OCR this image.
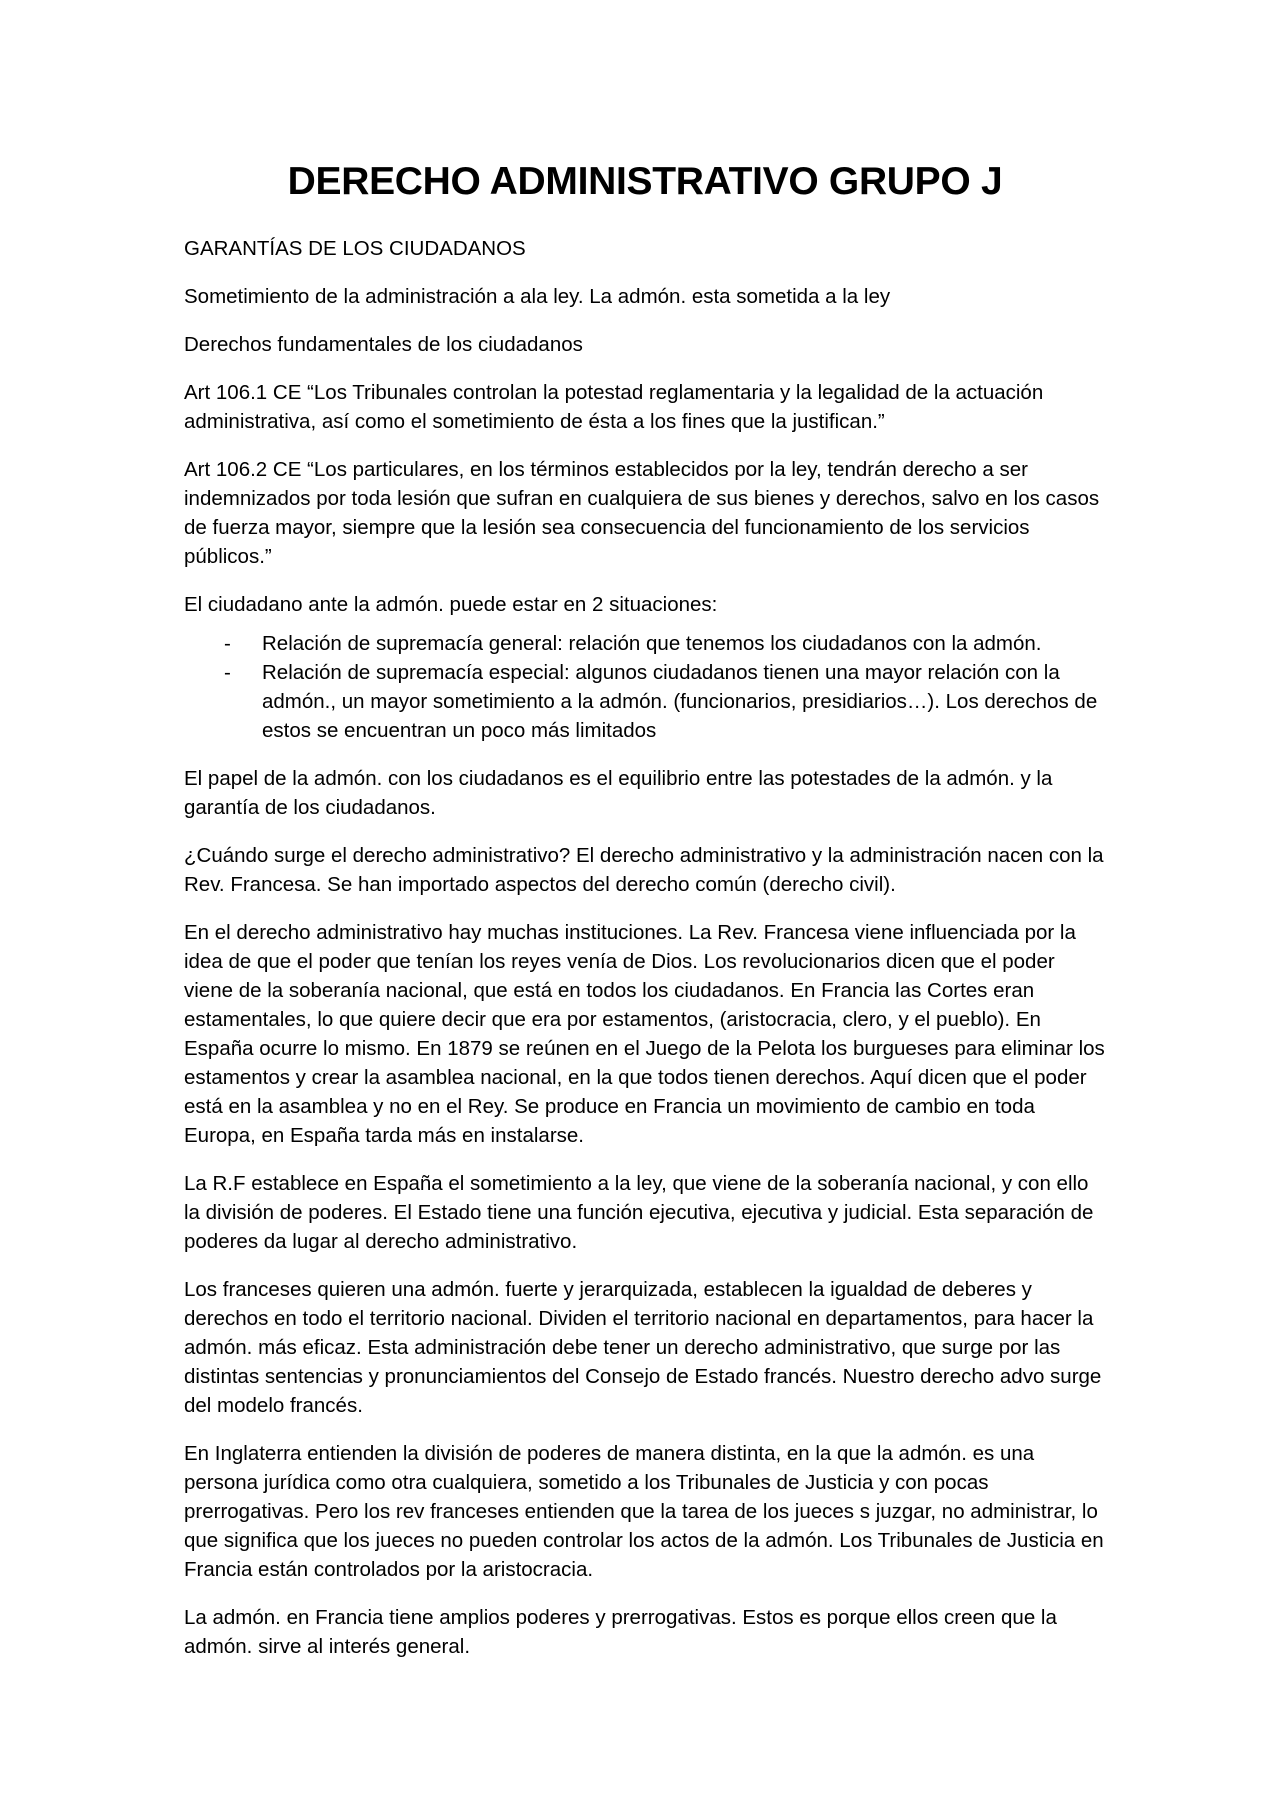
DERECHO ADMINISTRATIVO GRUPO J

GARANTÍAS DE LOS CIUDADANOS

Sometimiento de la administración a ala ley. La admón. esta sometida a la ley

Derechos fundamentales de los ciudadanos

Art 106.1 CE “Los Tribunales controlan la potestad reglamentaria y la legalidad de la actuación administrativa, así como el sometimiento de ésta a los fines que la justifican.”

Art 106.2 CE “Los particulares, en los términos establecidos por la ley, tendrán derecho a ser indemnizados por toda lesión que sufran en cualquiera de sus bienes y derechos, salvo en los casos de fuerza mayor, siempre que la lesión sea consecuencia del funcionamiento de los servicios públicos.”

El ciudadano ante la admón. puede estar en 2 situaciones:

- Relación de supremacía general: relación que tenemos los ciudadanos con la admón.
- Relación de supremacía especial: algunos ciudadanos tienen una mayor relación con la admón., un mayor sometimiento a la admón. (funcionarios, presidiarios…). Los derechos de estos se encuentran un poco más limitados

El papel de la admón. con los ciudadanos es el equilibrio entre las potestades de la admón. y la garantía de los ciudadanos.

¿Cuándo surge el derecho administrativo? El derecho administrativo y la administración nacen con la Rev. Francesa. Se han importado aspectos del derecho común (derecho civil).

En el derecho administrativo hay muchas instituciones. La Rev. Francesa viene influenciada por la idea de que el poder que tenían los reyes venía de Dios. Los revolucionarios dicen que el poder viene de la soberanía nacional, que está en todos los ciudadanos. En Francia las Cortes eran estamentales, lo que quiere decir que era por estamentos, (aristocracia, clero, y el pueblo). En España ocurre lo mismo. En 1879 se reúnen en el Juego de la Pelota los burgueses para eliminar los estamentos y crear la asamblea nacional, en la que todos tienen derechos. Aquí dicen que el poder está en la asamblea y no en el Rey. Se produce en Francia un movimiento de cambio en toda Europa, en España tarda más en instalarse.

La R.F establece en España el sometimiento a la ley, que viene de la soberanía nacional, y con ello la división de poderes. El Estado tiene una función ejecutiva, ejecutiva y judicial. Esta separación de poderes da lugar al derecho administrativo.

Los franceses quieren una admón. fuerte y jerarquizada, establecen la igualdad de deberes y derechos en todo el territorio nacional. Dividen el territorio nacional en departamentos, para hacer la admón. más eficaz. Esta administración debe tener un derecho administrativo, que surge por las distintas sentencias y pronunciamientos del Consejo de Estado francés. Nuestro derecho advo surge del modelo francés.

En Inglaterra entienden la división de poderes de manera distinta, en la que la admón. es una persona jurídica como otra cualquiera, sometido a los Tribunales de Justicia y con pocas prerrogativas. Pero los rev franceses entienden que la tarea de los jueces s juzgar, no administrar, lo que significa que los jueces no pueden controlar los actos de la admón. Los Tribunales de Justicia en Francia están controlados por la aristocracia.

La admón. en Francia tiene amplios poderes y prerrogativas. Estos es porque ellos creen que la admón. sirve al interés general.
